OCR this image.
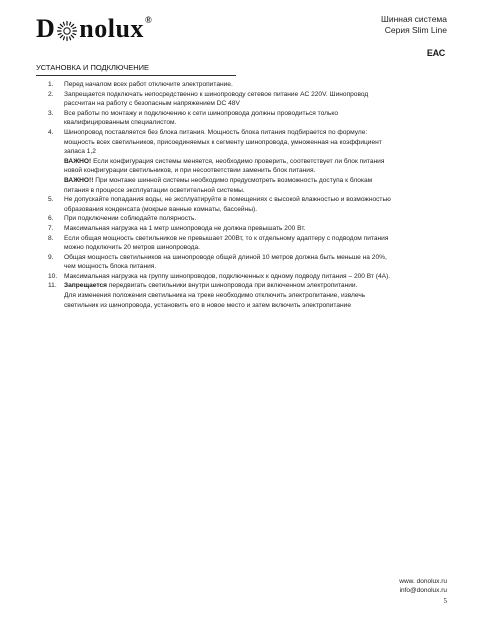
D nolux ®	Шинная система
Серия Slim Line
EAC
УСТАНОВКА И ПОДКЛЮЧЕНИЕ
1.	Перед началом всех работ отключите электропитание.
2.	Запрещается подключать непосредственно к шинопроводу сетевое питание AC 220V. Шинопровод
рассчитан на работу с безопасным напряжением DC 48V
3.	Все работы по монтажу и подключению к сети шинопровода должны проводиться только
квалифицированным специалистом.
4.	Шинопровод поставляется без блока питания. Мощность блока питания подбирается по формуле:
мощность всех светильников, присоединяемых к сегменту шинопровода, умноженная на коэффициент
запаса 1,2
ВАЖНО! Если конфигурация системы меняется, необходимо проверить, соответствует ли блок питания
новой конфигурации светильников, и при несоответствии заменить блок питания.
ВАЖНО!! При монтаже шинной системы необходимо предусмотреть возможность доступа к блокам
питания в процессе эксплуатации осветительной системы.
5.	Не допускайте попадания воды, не эксплуатируйте в помещениях с высокой влажностью и возможностью
образования конденсата (мокрые ванные комнаты, бассейны).
6.	При подключении соблюдайте полярность.
7.	Максимальная нагрузка на 1 метр шинопровода не должна превышать 200 Вт.
8.	Если общая мощность светильников не превышает 200Вт, то к отдельному адаптеру с подводом питания
можно подключить 20 метров шинопровода.
9.	Общая мощность светильников на шинопроводе общей длиной 10 метров должна быть меньше на 20%,
чем мощность блока питания.
10.	Максимальная нагрузка на группу шинопроводов, подключенных к одному подводу питания – 200 Вт (4А).
11.	Запрещается передвигать светильники внутри шинопровода при включенном электропитании.
Для изменения положения светильника на треке необходимо отключить электропитание, извлечь
светильник из шинопровода, установить его в новое место и затем включить электропитание
www. donolux.ru
info@donolux.ru
5
